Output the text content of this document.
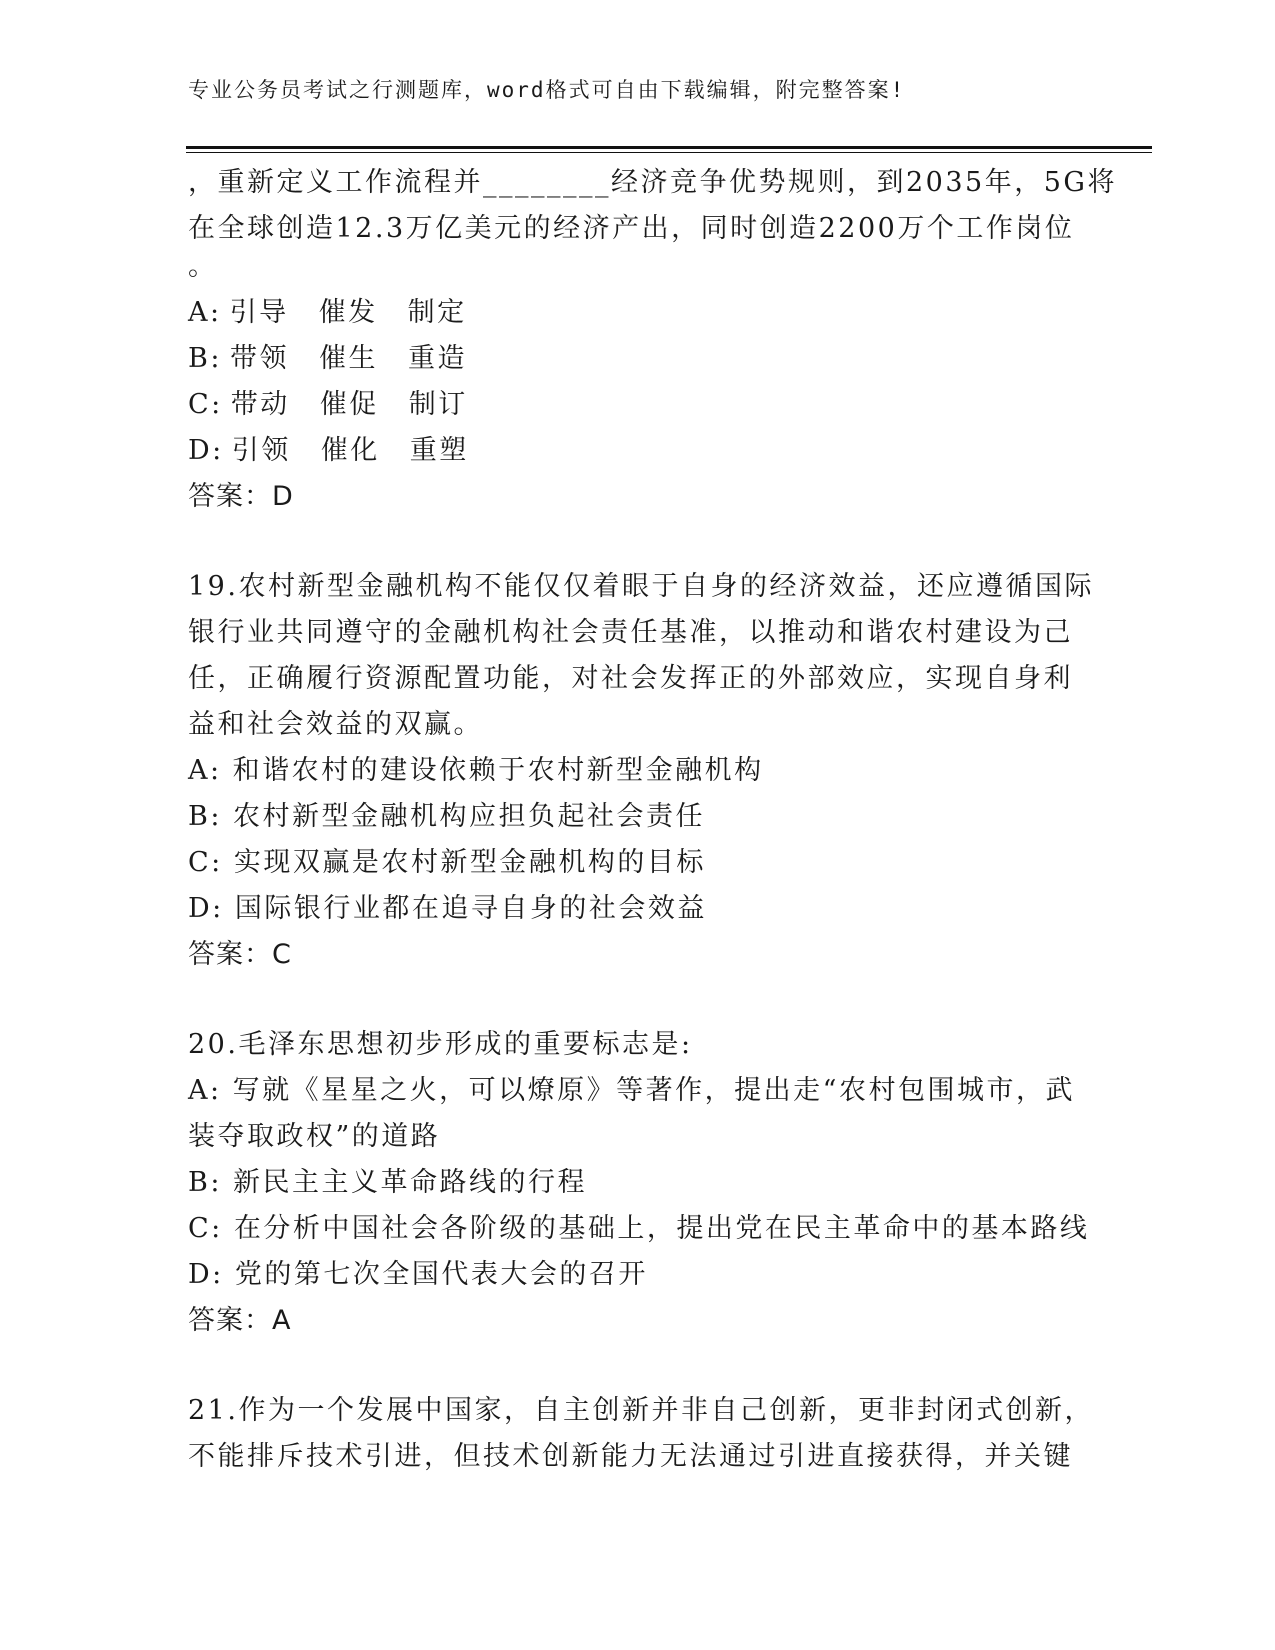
专业公务员考试之行测题库，word格式可自由下载编辑，附完整答案!
，重新定义工作流程并________经济竞争优势规则，到2035年，5G将
在全球创造12.3万亿美元的经济产出，同时创造2200万个工作岗位
。
A: 引导 催发 制定
B: 带领 催生 重造
C: 带动 催促 制订
D: 引领 催化 重塑
答案：D
19.农村新型金融机构不能仅仅着眼于自身的经济效益，还应遵循国际
银行业共同遵守的金融机构社会责任基准，以推动和谐农村建设为己
任，正确履行资源配置功能，对社会发挥正的外部效应，实现自身利
益和社会效益的双赢。
A: 和谐农村的建设依赖于农村新型金融机构
B: 农村新型金融机构应担负起社会责任
C: 实现双赢是农村新型金融机构的目标
D: 国际银行业都在追寻自身的社会效益
答案：C
20.毛泽东思想初步形成的重要标志是:
A: 写就《星星之火，可以燎原》等著作，提出走“农村包围城市，武
装夺取政权”的道路
B: 新民主主义革命路线的行程
C: 在分析中国社会各阶级的基础上，提出党在民主革命中的基本路线
D: 党的第七次全国代表大会的召开
答案：A
21.作为一个发展中国家，自主创新并非自己创新，更非封闭式创新，
不能排斥技术引进，但技术创新能力无法通过引进直接获得，并关键
